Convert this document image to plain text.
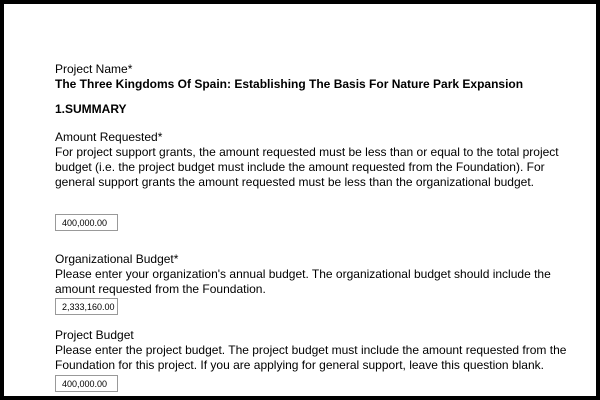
Project Name*
The Three Kingdoms Of Spain: Establishing The Basis For Nature Park Expansion
1.SUMMARY
Amount Requested*

For project support grants, the amount requested must be less than or equal to the total project budget (i.e. the project budget must include the amount requested from the Foundation). For general support grants the amount requested must be less than the organizational budget.

400,000.00
Organizational Budget*

Please enter your organization's annual budget. The organizational budget should include the amount requested from the Foundation.

2,333,160.00
Project Budget

Please enter the project budget. The project budget must include the amount requested from the Foundation for this project. If you are applying for general support, leave this question blank.

400,000.00
